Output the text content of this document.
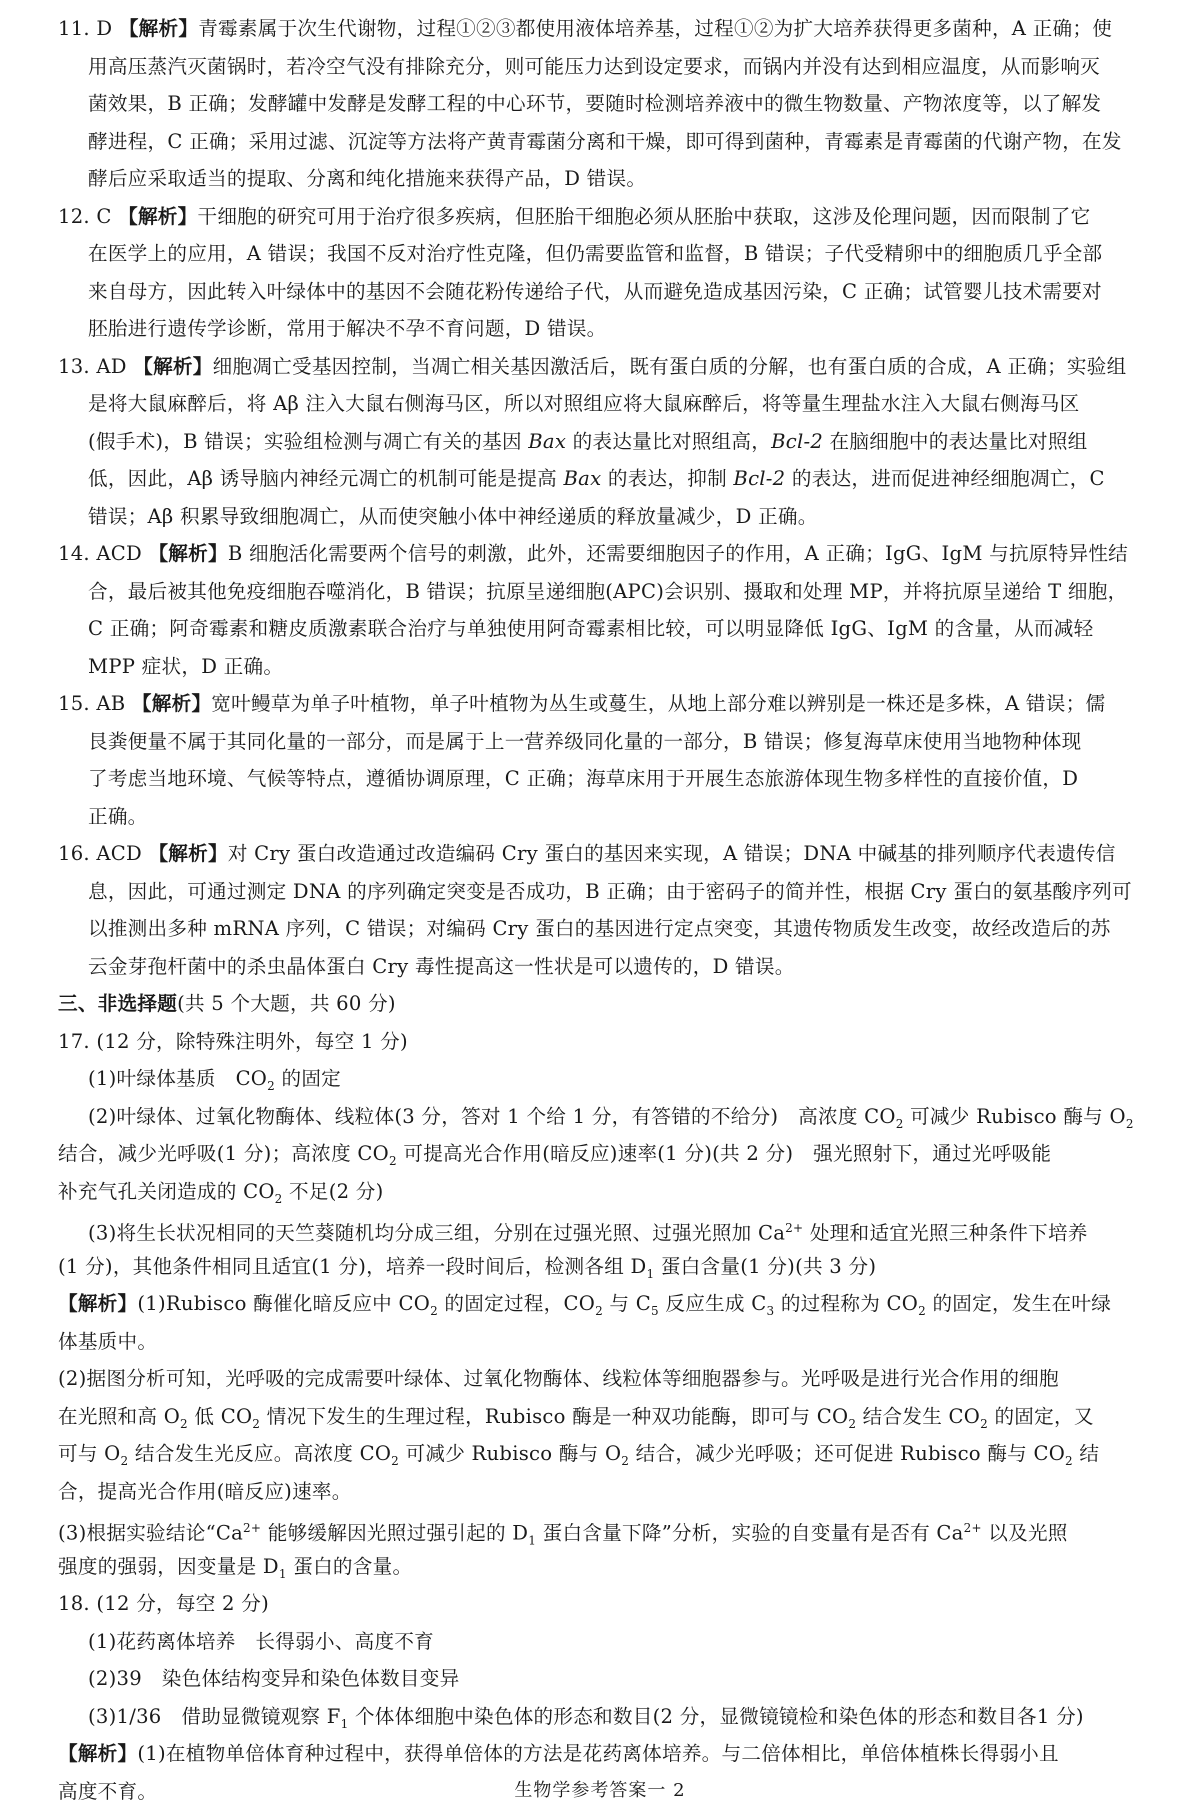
11. D 【解析】青霉素属于次生代谢物，过程①②③都使用液体培养基，过程①②为扩大培养获得更多菌种，A 正确；使
用高压蒸汽灭菌锅时，若冷空气没有排除充分，则可能压力达到设定要求，而锅内并没有达到相应温度，从而影响灭
菌效果，B 正确；发酵罐中发酵是发酵工程的中心环节，要随时检测培养液中的微生物数量、产物浓度等，以了解发
酵进程，C 正确；采用过滤、沉淀等方法将产黄青霉菌分离和干燥，即可得到菌种，青霉素是青霉菌的代谢产物，在发
酵后应采取适当的提取、分离和纯化措施来获得产品，D 错误。
12. C 【解析】干细胞的研究可用于治疗很多疾病，但胚胎干细胞必须从胚胎中获取，这涉及伦理问题，因而限制了它
在医学上的应用，A 错误；我国不反对治疗性克隆，但仍需要监管和监督，B 错误；子代受精卵中的细胞质几乎全部
来自母方，因此转入叶绿体中的基因不会随花粉传递给子代，从而避免造成基因污染，C 正确；试管婴儿技术需要对
胚胎进行遗传学诊断，常用于解决不孕不育问题，D 错误。
13. AD 【解析】细胞凋亡受基因控制，当凋亡相关基因激活后，既有蛋白质的分解，也有蛋白质的合成，A 正确；实验组
是将大鼠麻醉后，将 Aβ 注入大鼠右侧海马区，所以对照组应将大鼠麻醉后，将等量生理盐水注入大鼠右侧海马区
(假手术)，B 错误；实验组检测与凋亡有关的基因 Bax 的表达量比对照组高，Bcl-2 在脑细胞中的表达量比对照组
低，因此，Aβ 诱导脑内神经元凋亡的机制可能是提高 Bax 的表达，抑制 Bcl-2 的表达，进而促进神经细胞凋亡，C
错误；Aβ 积累导致细胞凋亡，从而使突触小体中神经递质的释放量减少，D 正确。
14. ACD 【解析】B 细胞活化需要两个信号的刺激，此外，还需要细胞因子的作用，A 正确；IgG、IgM 与抗原特异性结
合，最后被其他免疫细胞吞噬消化，B 错误；抗原呈递细胞(APC)会识别、摄取和处理 MP，并将抗原呈递给 T 细胞，
C 正确；阿奇霉素和糖皮质激素联合治疗与单独使用阿奇霉素相比较，可以明显降低 IgG、IgM 的含量，从而减轻
MPP 症状，D 正确。
15. AB 【解析】宽叶鳗草为单子叶植物，单子叶植物为丛生或蔓生，从地上部分难以辨别是一株还是多株，A 错误；儒
艮粪便量不属于其同化量的一部分，而是属于上一营养级同化量的一部分，B 错误；修复海草床使用当地物种体现
了考虑当地环境、气候等特点，遵循协调原理，C 正确；海草床用于开展生态旅游体现生物多样性的直接价值，D
正确。
16. ACD 【解析】对 Cry 蛋白改造通过改造编码 Cry 蛋白的基因来实现，A 错误；DNA 中碱基的排列顺序代表遗传信
息，因此，可通过测定 DNA 的序列确定突变是否成功，B 正确；由于密码子的简并性，根据 Cry 蛋白的氨基酸序列可
以推测出多种 mRNA 序列，C 错误；对编码 Cry 蛋白的基因进行定点突变，其遗传物质发生改变，故经改造后的苏
云金芽孢杆菌中的杀虫晶体蛋白 Cry 毒性提高这一性状是可以遗传的，D 错误。
三、非选择题(共 5 个大题，共 60 分)
17. (12 分，除特殊注明外，每空 1 分)
(1)叶绿体基质　$CO_2$ 的固定
(2)叶绿体、过氧化物酶体、线粒体(3 分，答对 1 个给 1 分，有答错的不给分)　高浓度 $CO_2$ 可减少 Rubisco 酶与 $O_2$
结合，减少光呼吸(1 分)；高浓度 $CO_2$ 可提高光合作用(暗反应)速率(1 分)(共 2 分)　强光照射下，通过光呼吸能
补充气孔关闭造成的 $CO_2$ 不足(2 分)
(3)将生长状况相同的天竺葵随机均分成三组，分别在过强光照、过强光照加 $Ca^{2+}$ 处理和适宜光照三种条件下培养
(1 分)，其他条件相同且适宜(1 分)，培养一段时间后，检测各组 $D_1$ 蛋白含量(1 分)(共 3 分)
【解析】(1)Rubisco 酶催化暗反应中 $CO_2$ 的固定过程，$CO_2$ 与 $C_5$ 反应生成 $C_3$ 的过程称为 $CO_2$ 的固定，发生在叶绿
体基质中。
(2)据图分析可知，光呼吸的完成需要叶绿体、过氧化物酶体、线粒体等细胞器参与。光呼吸是进行光合作用的细胞
在光照和高 $O_2$ 低 $CO_2$ 情况下发生的生理过程，Rubisco 酶是一种双功能酶，即可与 $CO_2$ 结合发生 $CO_2$ 的固定，又
可与 $O_2$ 结合发生光反应。高浓度 $CO_2$ 可减少 Rubisco 酶与 $O_2$ 结合，减少光呼吸；还可促进 Rubisco 酶与 $CO_2$ 结
合，提高光合作用(暗反应)速率。
(3)根据实验结论“$Ca^{2+}$ 能够缓解因光照过强引起的 $D_1$ 蛋白含量下降”分析，实验的自变量有是否有 $Ca^{2+}$ 以及光照
强度的强弱，因变量是 $D_1$ 蛋白的含量。
18. (12 分，每空 2 分)
(1)花药离体培养　长得弱小、高度不育
(2)39　染色体结构变异和染色体数目变异
(3)1/36　借助显微镜观察 $F_1$ 个体体细胞中染色体的形态和数目(2 分，显微镜镜检和染色体的形态和数目各1 分)
【解析】(1)在植物单倍体育种过程中，获得单倍体的方法是花药离体培养。与二倍体相比，单倍体植株长得弱小且
高度不育。	生物学参考答案一 2
